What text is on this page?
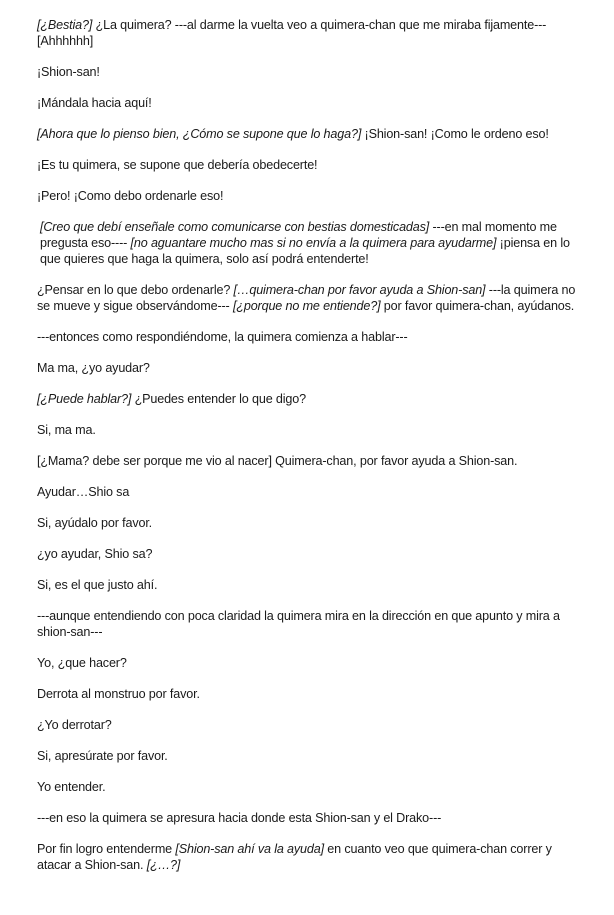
[¿Bestia?] ¿La quimera? ---al darme la vuelta veo a quimera-chan que me miraba fijamente--- [Ahhhhhh]

¡Shion-san!

¡Mándala hacia aquí!

[Ahora que lo pienso bien, ¿Cómo se supone que lo haga?] ¡Shion-san! ¡Como le ordeno eso!

¡Es tu quimera, se supone que debería obedecerte!

¡Pero! ¡Como debo ordenarle eso!

[Creo que debí enseñale como comunicarse con bestias domesticadas] ---en mal momento me pregusta eso---- [no aguantare mucho mas si no envía a la quimera para ayudarme] ¡piensa en lo que quieres que haga la quimera, solo así podrá entenderte!

¿Pensar en lo que debo ordenarle? […quimera-chan por favor ayuda a Shion-san] ---la quimera no se mueve y sigue observándome--- [¿porque no me entiende?] por favor quimera-chan, ayúdanos.

---entonces como respondiéndome, la quimera comienza a hablar---

Ma ma, ¿yo ayudar?

[¿Puede hablar?] ¿Puedes entender lo que digo?

Si, ma ma.

[¿Mama? debe ser porque me vio al nacer] Quimera-chan, por favor ayuda a Shion-san.

Ayudar…Shio sa

Si, ayúdalo por favor.

¿yo ayudar, Shio sa?

Si, es el que justo ahí.

---aunque entendiendo con poca claridad la quimera mira en la dirección en que apunto y mira a shion-san---

Yo, ¿que hacer?

Derrota al monstruo por favor.

¿Yo derrotar?

Si, apresúrate por favor.

Yo entender.

---en eso la quimera se apresura hacia donde esta Shion-san y el Drako---

Por fin logro entenderme [Shion-san ahí va la ayuda] en cuanto veo que quimera-chan correr y atacar a Shion-san. [¿…?]
